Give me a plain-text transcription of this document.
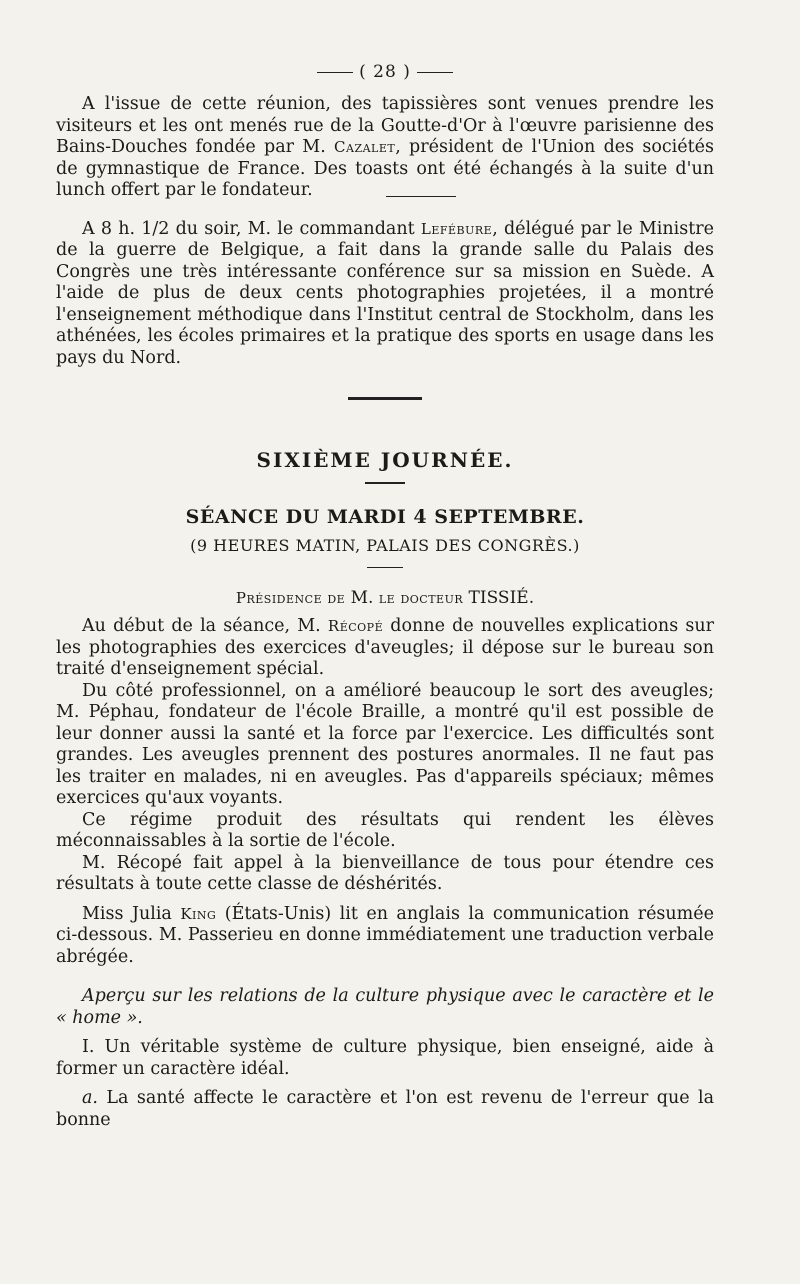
( 28 )

A l'issue de cette réunion, des tapissières sont venues prendre les visiteurs et les ont menés rue de la Goutte-d'Or à l'œuvre parisienne des Bains-Douches fondée par M. Cazalet, président de l'Union des sociétés de gymnastique de France. Des toasts ont été échangés à la suite d'un lunch offert par le fondateur.

A 8 h. 1/2 du soir, M. le commandant Lefébure, délégué par le Ministre de la guerre de Belgique, a fait dans la grande salle du Palais des Congrès une très intéressante conférence sur sa mission en Suède. A l'aide de plus de deux cents photographies projetées, il a montré l'enseignement méthodique dans l'Institut central de Stockholm, dans les athénées, les écoles primaires et la pratique des sports en usage dans les pays du Nord.

SIXIÈME JOURNÉE.
SÉANCE DU MARDI 4 SEPTEMBRE.
(9 HEURES MATIN, PALAIS DES CONGRÈS.)
Présidence de M. le docteur TISSIÉ.

Au début de la séance, M. Récopé donne de nouvelles explications sur les photographies des exercices d'aveugles; il dépose sur le bureau son traité d'enseignement spécial.

Du côté professionnel, on a amélioré beaucoup le sort des aveugles; M. Péphau, fondateur de l'école Braille, a montré qu'il est possible de leur donner aussi la santé et la force par l'exercice. Les difficultés sont grandes. Les aveugles prennent des postures anormales. Il ne faut pas les traiter en malades, ni en aveugles. Pas d'appareils spéciaux; mêmes exercices qu'aux voyants.

Ce régime produit des résultats qui rendent les élèves méconnaissables à la sortie de l'école.

M. Récopé fait appel à la bienveillance de tous pour étendre ces résultats à toute cette classe de déshérités.

Miss Julia King (États-Unis) lit en anglais la communication résumée ci-dessous. M. Passerieu en donne immédiatement une traduction verbale abrégée.

Aperçu sur les relations de la culture physique avec le caractère et le « home ».

I. Un véritable système de culture physique, bien enseigné, aide à former un caractère idéal.

a. La santé affecte le caractère et l'on est revenu de l'erreur que la bonne
